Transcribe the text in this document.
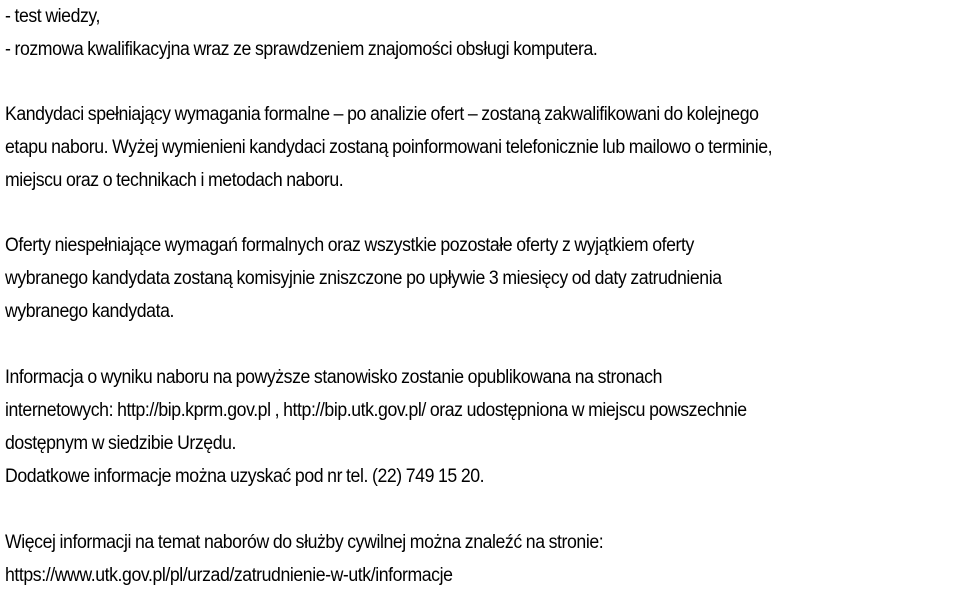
- test wiedzy,
- rozmowa kwalifikacyjna wraz ze sprawdzeniem znajomości obsługi komputera.
Kandydaci spełniający wymagania formalne – po analizie ofert – zostaną zakwalifikowani do kolejnego
etapu naboru. Wyżej wymienieni kandydaci zostaną poinformowani telefonicznie lub mailowo o terminie,
miejscu oraz o technikach i metodach naboru.
Oferty niespełniające wymagań formalnych oraz wszystkie pozostałe oferty z wyjątkiem oferty
wybranego kandydata zostaną komisyjnie zniszczone po upływie 3 miesięcy od daty zatrudnienia
wybranego kandydata.
Informacja o wyniku naboru na powyższe stanowisko zostanie opublikowana na stronach
internetowych: http://bip.kprm.gov.pl , http://bip.utk.gov.pl/ oraz udostępniona w miejscu powszechnie
dostępnym w siedzibie Urzędu.
Dodatkowe informacje można uzyskać pod nr tel. (22) 749 15 20.
Więcej informacji na temat naborów do służby cywilnej można znaleźć na stronie:
https://www.utk.gov.pl/pl/urzad/zatrudnienie-w-utk/informacje
